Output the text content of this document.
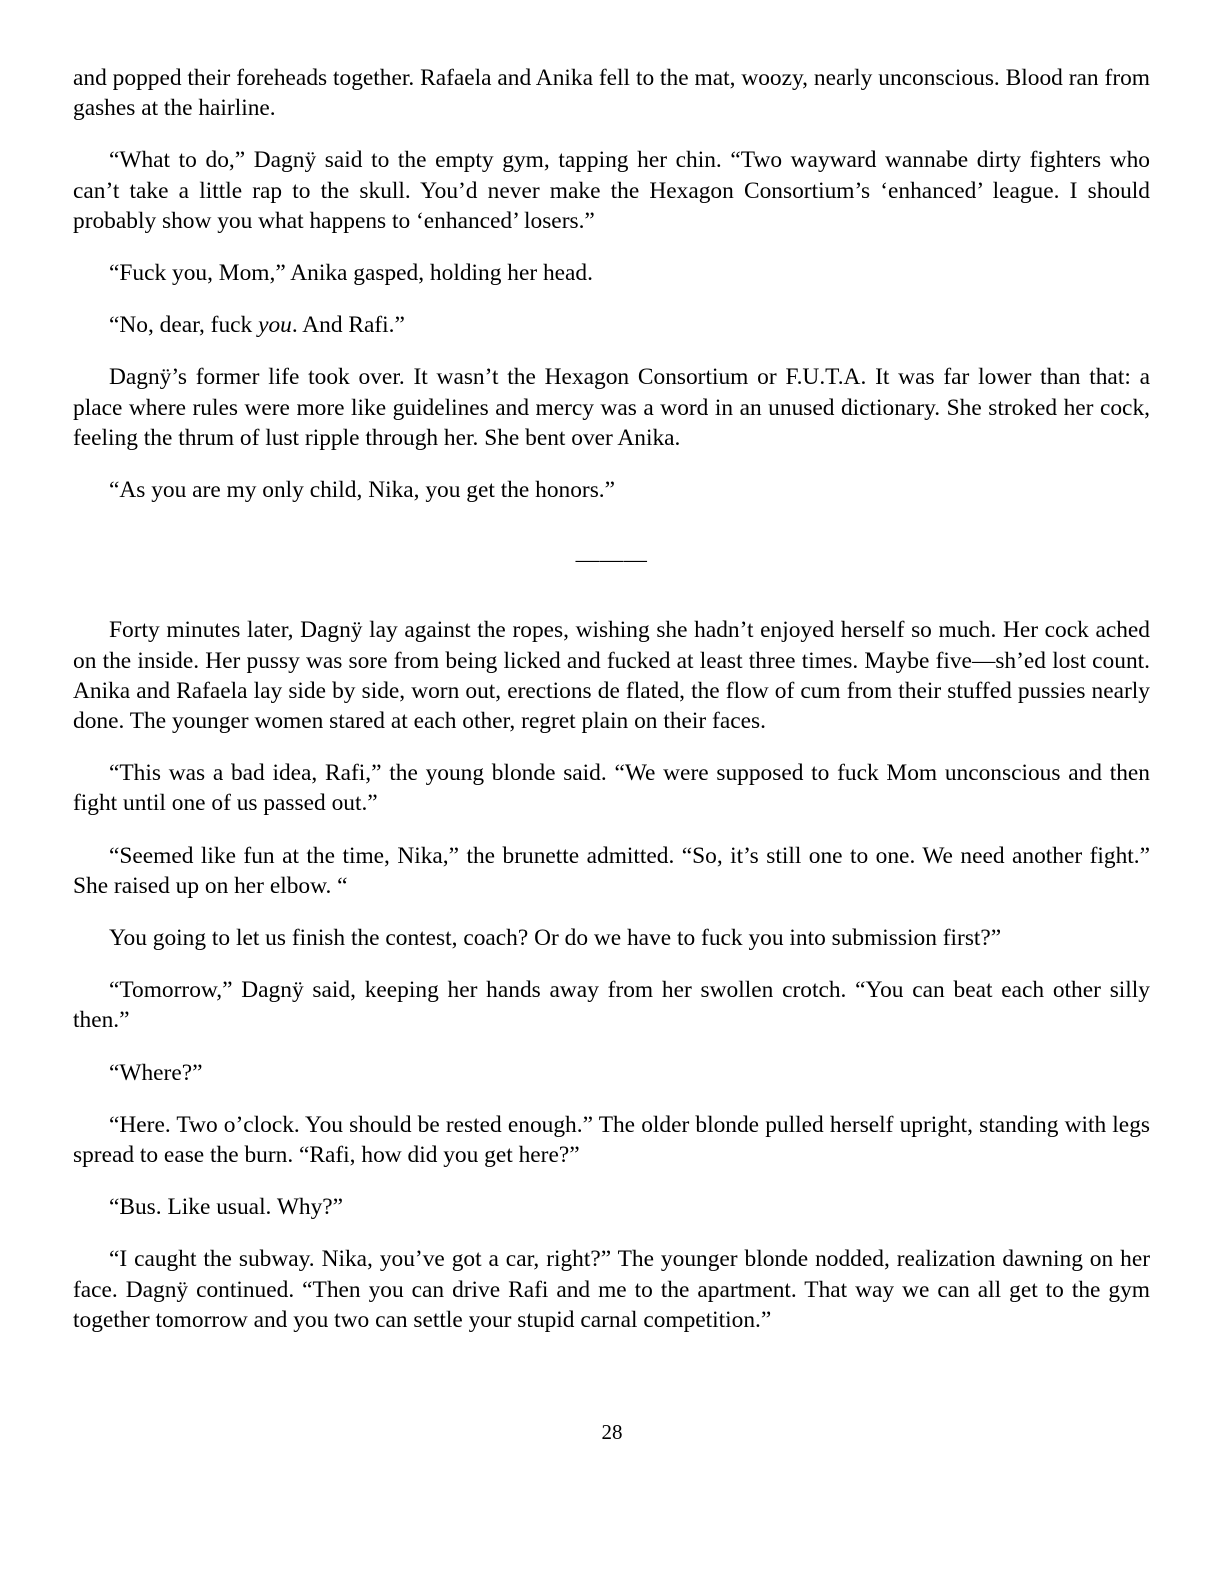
and popped their foreheads together. Rafaela and Anika fell to the mat, woozy, nearly unconscious. Blood ran from gashes at the hairline.

“What to do,” Dagnÿ said to the empty gym, tapping her chin. “Two wayward wannabe dirty fighters who can’t take a little rap to the skull. You’d never make the Hexagon Consortium’s ‘enhanced’ league. I should probably show you what happens to ‘enhanced’ losers.”

“Fuck you, Mom,” Anika gasped, holding her head.

“No, dear, fuck you. And Rafi.”

Dagnÿ’s former life took over. It wasn’t the Hexagon Consortium or F.U.T.A. It was far lower than that: a place where rules were more like guidelines and mercy was a word in an unused dictionary. She stroked her cock, feeling the thrum of lust ripple through her. She bent over Anika.

“As you are my only child, Nika, you get the honors.”

———

Forty minutes later, Dagnÿ lay against the ropes, wishing she hadn’t enjoyed herself so much. Her cock ached on the inside. Her pussy was sore from being licked and fucked at least three times. Maybe five—sh’ed lost count. Anika and Rafaela lay side by side, worn out, erections de flated, the flow of cum from their stuffed pussies nearly done. The younger women stared at each other, regret plain on their faces.

“This was a bad idea, Rafi,” the young blonde said. “We were supposed to fuck Mom unconscious and then fight until one of us passed out.”

“Seemed like fun at the time, Nika,” the brunette admitted. “So, it’s still one to one. We need another fight.” She raised up on her elbow. “

You going to let us finish the contest, coach? Or do we have to fuck you into submission first?”

“Tomorrow,” Dagnÿ said, keeping her hands away from her swollen crotch. “You can beat each other silly then.”

“Where?”

“Here. Two o’clock. You should be rested enough.” The older blonde pulled herself upright, standing with legs spread to ease the burn. “Rafi, how did you get here?”

“Bus. Like usual. Why?”

“I caught the subway. Nika, you’ve got a car, right?” The younger blonde nodded, realization dawning on her face. Dagnÿ continued. “Then you can drive Rafi and me to the apartment. That way we can all get to the gym together tomorrow and you two can settle your stupid carnal competition.”

28
